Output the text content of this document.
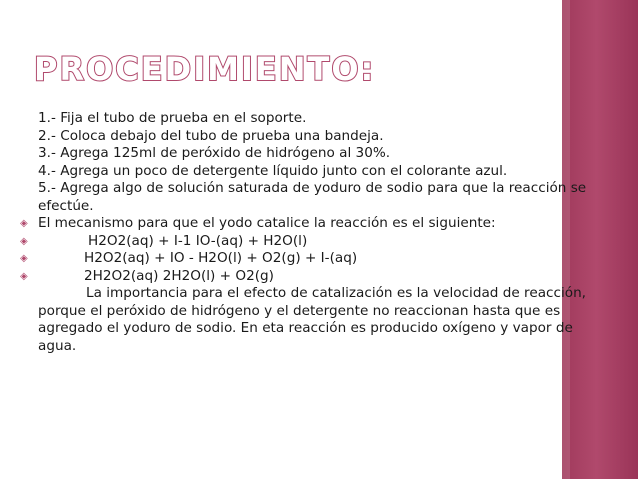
PROCEDIMIENTO:
1.- Fija el tubo de prueba en el soporte.
2.- Coloca debajo del tubo de prueba una bandeja.
3.- Agrega 125ml de peróxido de hidrógeno al 30%.
4.- Agrega un poco de detergente líquido junto con el colorante azul.
5.- Agrega algo de solución saturada de yoduro de sodio para que la reacción se efectúe.
◈ El mecanismo para que el yodo catalice la reacción es el siguiente:
◈ H2O2(aq) + I-1 IO-(aq) + H2O(l)
◈ H2O2(aq) + IO - H2O(l) + O2(g) + I-(aq)
◈ 2H2O2(aq) 2H2O(l) + O2(g)
La importancia para el efecto de catalización es la velocidad de reacción, porque el peróxido de hidrógeno y el detergente no reaccionan hasta que es agregado el yoduro de sodio. En eta reacción es producido oxígeno y vapor de agua.
